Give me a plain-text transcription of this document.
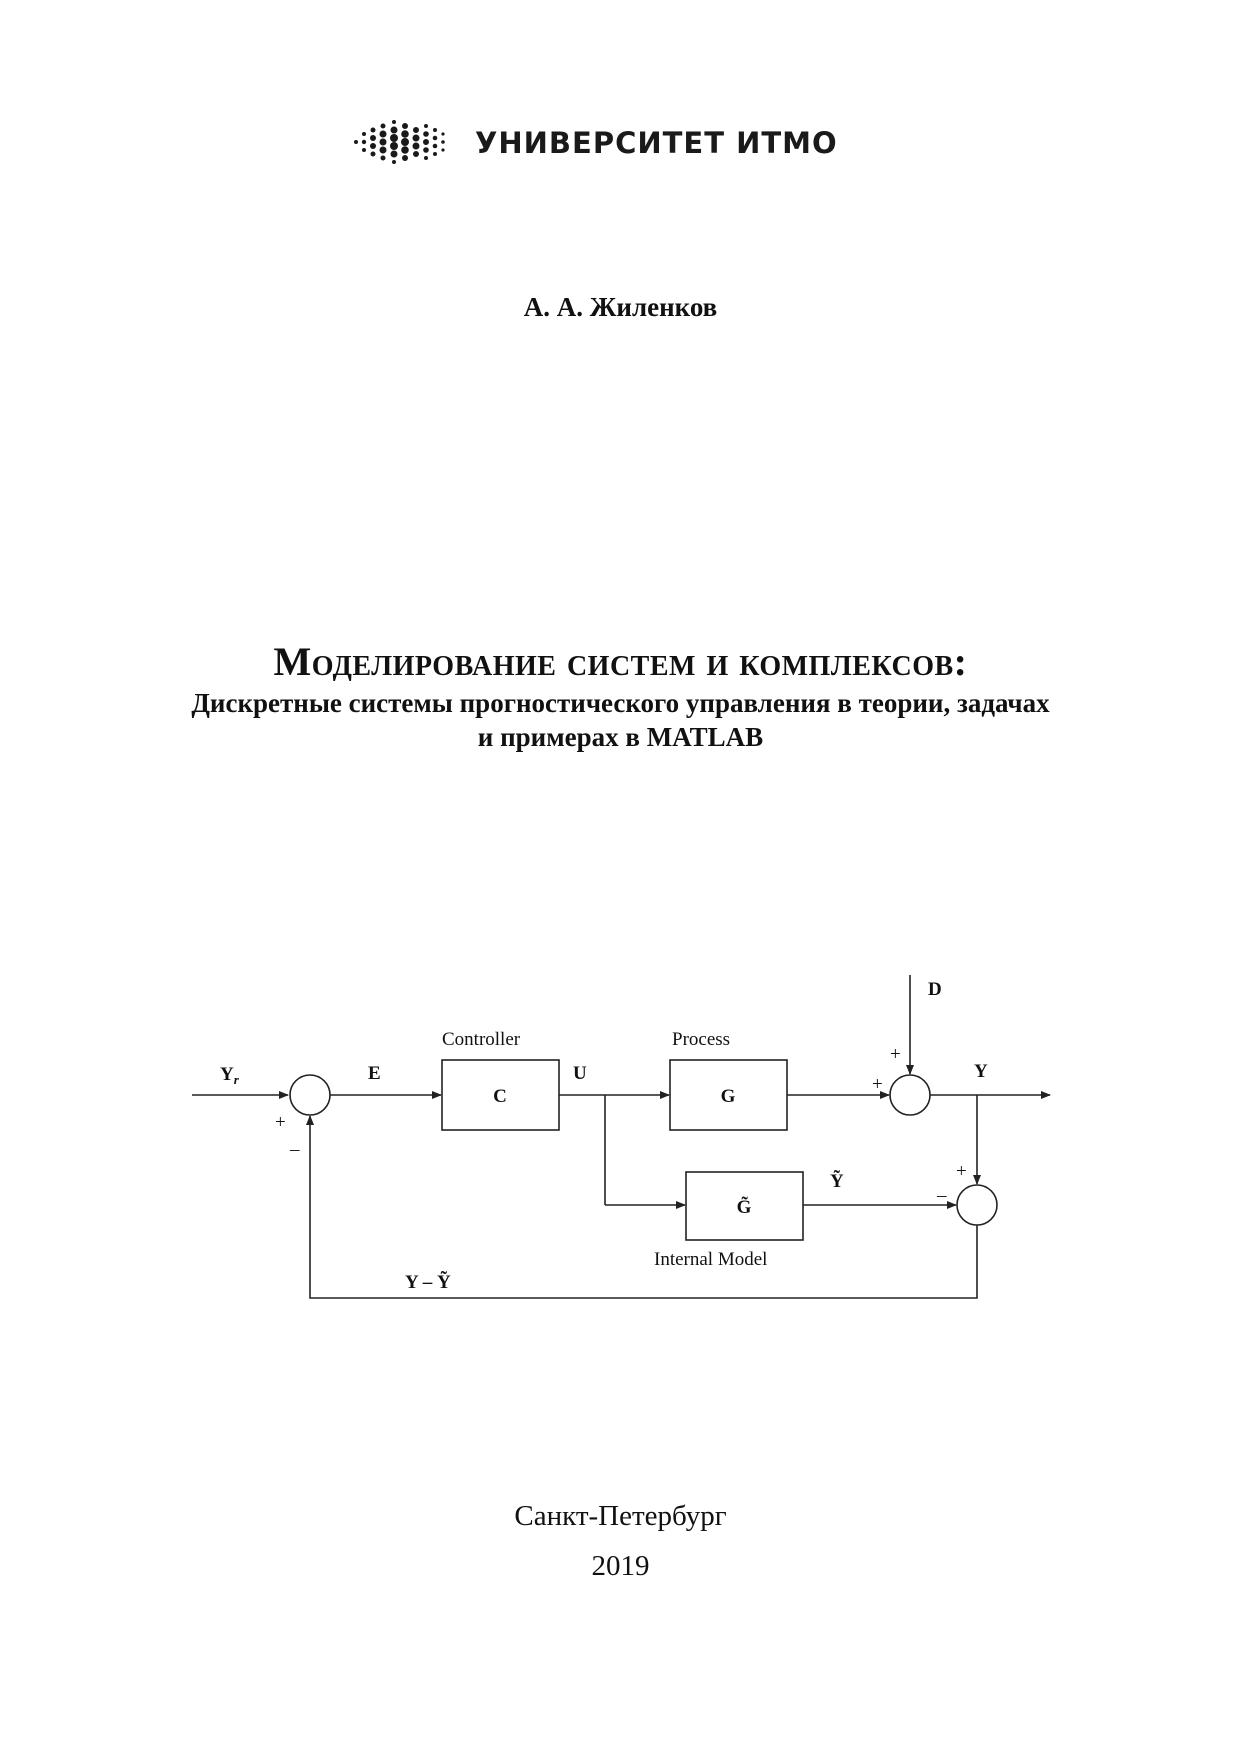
УНИВЕРСИТЕТ ИТМО
А. А. Жиленков
Моделирование систем и комплексов:
Дискретные системы прогностического управления в теории, задачах
и примерах в MATLAB
Controller	Process
Internal Model
C	G
G̃
$Y_r$	E	U
D
Y
Ỹ
Y – Ỹ
+
–
+
+
+
–
Санкт-Петербург
2019
